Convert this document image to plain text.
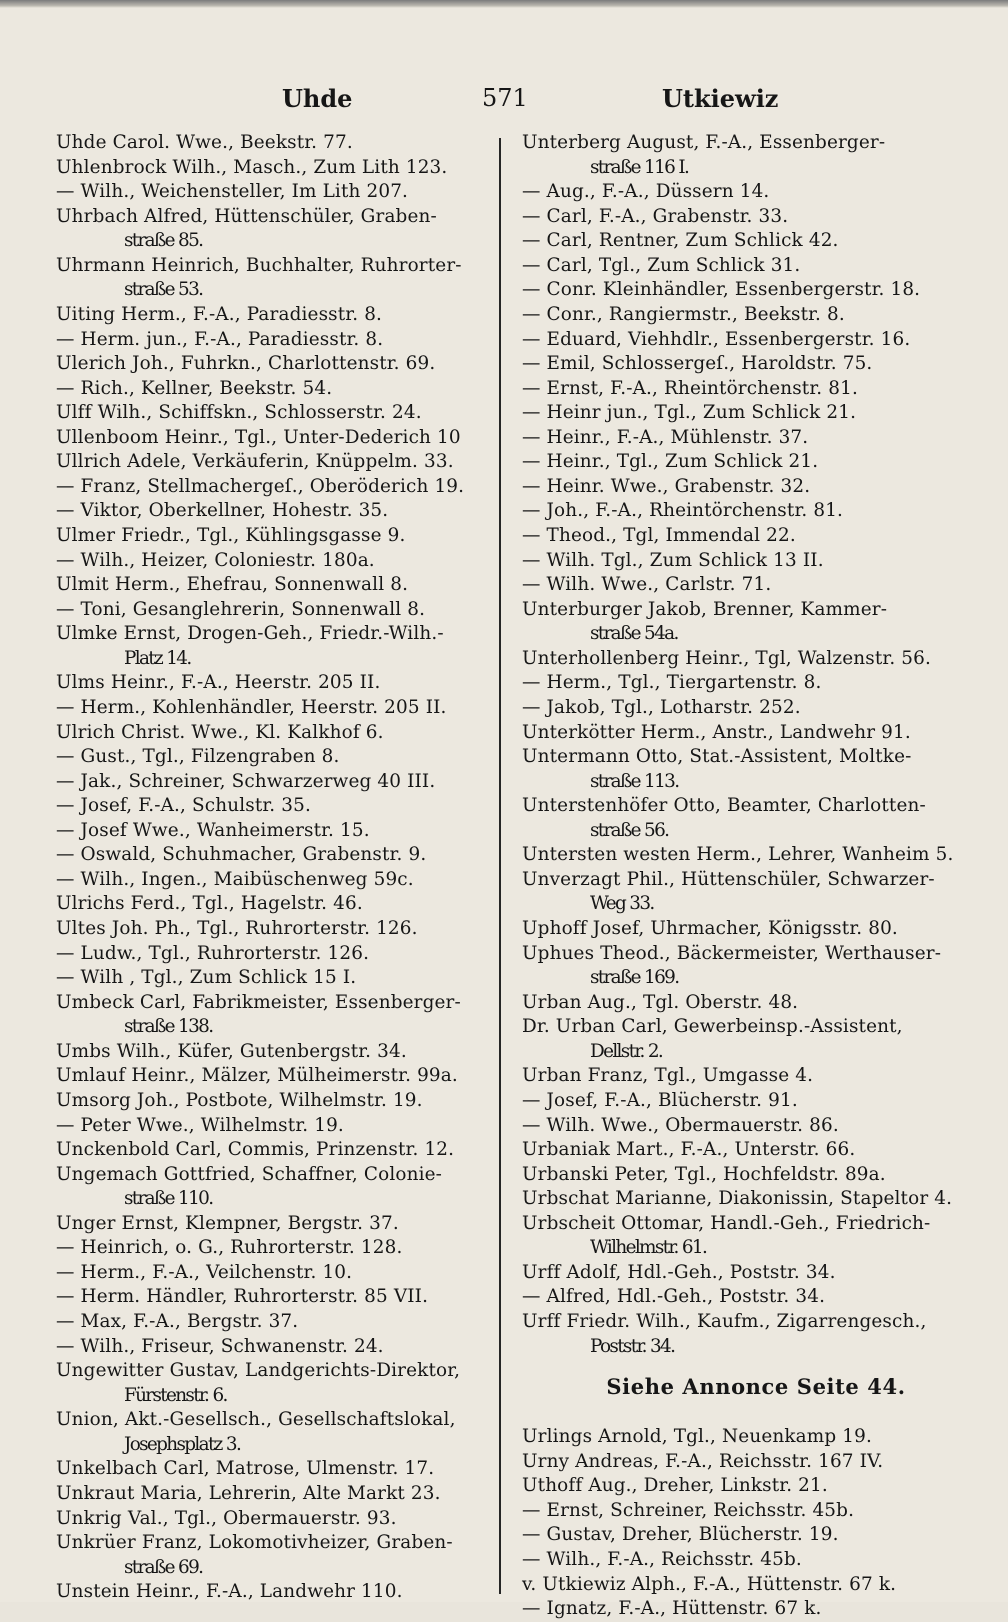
Uhde	571	Utkiewiz
Uhde Carol. Wwe., Beekstr. 77.
Uhlenbrock Wilh., Masch., Zum Lith 123.
— Wilh., Weichensteller, Im Lith 207.
Uhrbach Alfred, Hüttenschüler, Graben-
straße 85.
Uhrmann Heinrich, Buchhalter, Ruhrorter-
straße 53.
Uiting Herm., F.-A., Paradiesstr. 8.
— Herm. jun., F.-A., Paradiesstr. 8.
Ulerich Joh., Fuhrkn., Charlottenstr. 69.
— Rich., Kellner, Beekstr. 54.
Ulff Wilh., Schiffskn., Schlosserstr. 24.
Ullenboom Heinr., Tgl., Unter-Dederich 10
Ullrich Adele, Verkäuferin, Knüppelm. 33.
— Franz, Stellmachergeſ., Oberöderich 19.
— Viktor, Oberkellner, Hohestr. 35.
Ulmer Friedr., Tgl., Kühlingsgasse 9.
— Wilh., Heizer, Coloniestr. 180a.
Ulmit Herm., Ehefrau, Sonnenwall 8.
— Toni, Gesanglehrerin, Sonnenwall 8.
Ulmke Ernst, Drogen-Geh., Friedr.-Wilh.-
Platz 14.
Ulms Heinr., F.-A., Heerstr. 205 II.
— Herm., Kohlenhändler, Heerstr. 205 II.
Ulrich Christ. Wwe., Kl. Kalkhof 6.
— Gust., Tgl., Filzengraben 8.
— Jak., Schreiner, Schwarzerweg 40 III.
— Josef, F.-A., Schulstr. 35.
— Josef Wwe., Wanheimerstr. 15.
— Oswald, Schuhmacher, Grabenstr. 9.
— Wilh., Ingen., Maibüschenweg 59c.
Ulrichs Ferd., Tgl., Hagelstr. 46.
Ultes Joh. Ph., Tgl., Ruhrorterstr. 126.
— Ludw., Tgl., Ruhrorterstr. 126.
— Wilh , Tgl., Zum Schlick 15 I.
Umbeck Carl, Fabrikmeister, Essenberger-
straße 138.
Umbs Wilh., Küfer, Gutenbergstr. 34.
Umlauf Heinr., Mälzer, Mülheimerstr. 99a.
Umsorg Joh., Postbote, Wilhelmstr. 19.
— Peter Wwe., Wilhelmstr. 19.
Unckenbold Carl, Commis, Prinzenstr. 12.
Ungemach Gottfried, Schaffner, Colonie-
straße 110.
Unger Ernst, Klempner, Bergstr. 37.
— Heinrich, o. G., Ruhrorterstr. 128.
— Herm., F.-A., Veilchenstr. 10.
— Herm. Händler, Ruhrorterstr. 85 VII.
— Max, F.-A., Bergstr. 37.
— Wilh., Friseur, Schwanenstr. 24.
Ungewitter Gustav, Landgerichts-Direktor,
Fürstenstr. 6.
Union, Akt.-Gesellsch., Gesellschaftslokal,
Josephsplatz 3.
Unkelbach Carl, Matrose, Ulmenstr. 17.
Unkraut Maria, Lehrerin, Alte Markt 23.
Unkrig Val., Tgl., Obermauerstr. 93.
Unkrüer Franz, Lokomotivheizer, Graben-
straße 69.
Unstein Heinr., F.-A., Landwehr 110.
Unterberg August, F.-A., Essenberger-
straße 116 I.
— Aug., F.-A., Düssern 14.
— Carl, F.-A., Grabenstr. 33.
— Carl, Rentner, Zum Schlick 42.
— Carl, Tgl., Zum Schlick 31.
— Conr. Kleinhändler, Essenbergerstr. 18.
— Conr., Rangiermstr., Beekstr. 8.
— Eduard, Viehhdlr., Essenbergerstr. 16.
— Emil, Schlossergeſ., Haroldstr. 75.
— Ernst, F.-A., Rheintörchenstr. 81.
— Heinr jun., Tgl., Zum Schlick 21.
— Heinr., F.-A., Mühlenstr. 37.
— Heinr., Tgl., Zum Schlick 21.
— Heinr. Wwe., Grabenstr. 32.
— Joh., F.-A., Rheintörchenstr. 81.
— Theod., Tgl, Immendal 22.
— Wilh. Tgl., Zum Schlick 13 II.
— Wilh. Wwe., Carlstr. 71.
Unterburger Jakob, Brenner, Kammer-
straße 54a.
Unterhollenberg Heinr., Tgl, Walzenstr. 56.
— Herm., Tgl., Tiergartenstr. 8.
— Jakob, Tgl., Lotharstr. 252.
Unterkötter Herm., Anstr., Landwehr 91.
Untermann Otto, Stat.-Assistent, Moltke-
straße 113.
Unterstenhöfer Otto, Beamter, Charlotten-
straße 56.
Untersten westen Herm., Lehrer, Wanheim 5.
Unverzagt Phil., Hüttenschüler, Schwarzer-
Weg 33.
Uphoff Josef, Uhrmacher, Königsstr. 80.
Uphues Theod., Bäckermeister, Werthauser-
straße 169.
Urban Aug., Tgl. Oberstr. 48.
Dr. Urban Carl, Gewerbeinsp.-Assistent,
Dellstr. 2.
Urban Franz, Tgl., Umgasse 4.
— Josef, F.-A., Blücherstr. 91.
— Wilh. Wwe., Obermauerstr. 86.
Urbaniak Mart., F.-A., Unterstr. 66.
Urbanski Peter, Tgl., Hochfeldstr. 89a.
Urbschat Marianne, Diakonissin, Stapeltor 4.
Urbscheit Ottomar, Handl.-Geh., Friedrich-
Wilhelmstr. 61.
Urff Adolf, Hdl.-Geh., Poststr. 34.
— Alfred, Hdl.-Geh., Poststr. 34.
Urff Friedr. Wilh., Kaufm., Zigarrengesch.,
Poststr. 34.
Siehe Annonce Seite 44.
Urlings Arnold, Tgl., Neuenkamp 19.
Urny Andreas, F.-A., Reichsstr. 167 IV.
Uthoff Aug., Dreher, Linkstr. 21.
— Ernst, Schreiner, Reichsstr. 45b.
— Gustav, Dreher, Blücherstr. 19.
— Wilh., F.-A., Reichsstr. 45b.
v. Utkiewiz Alph., F.-A., Hüttenstr. 67 k.
— Ignatz, F.-A., Hüttenstr. 67 k.
